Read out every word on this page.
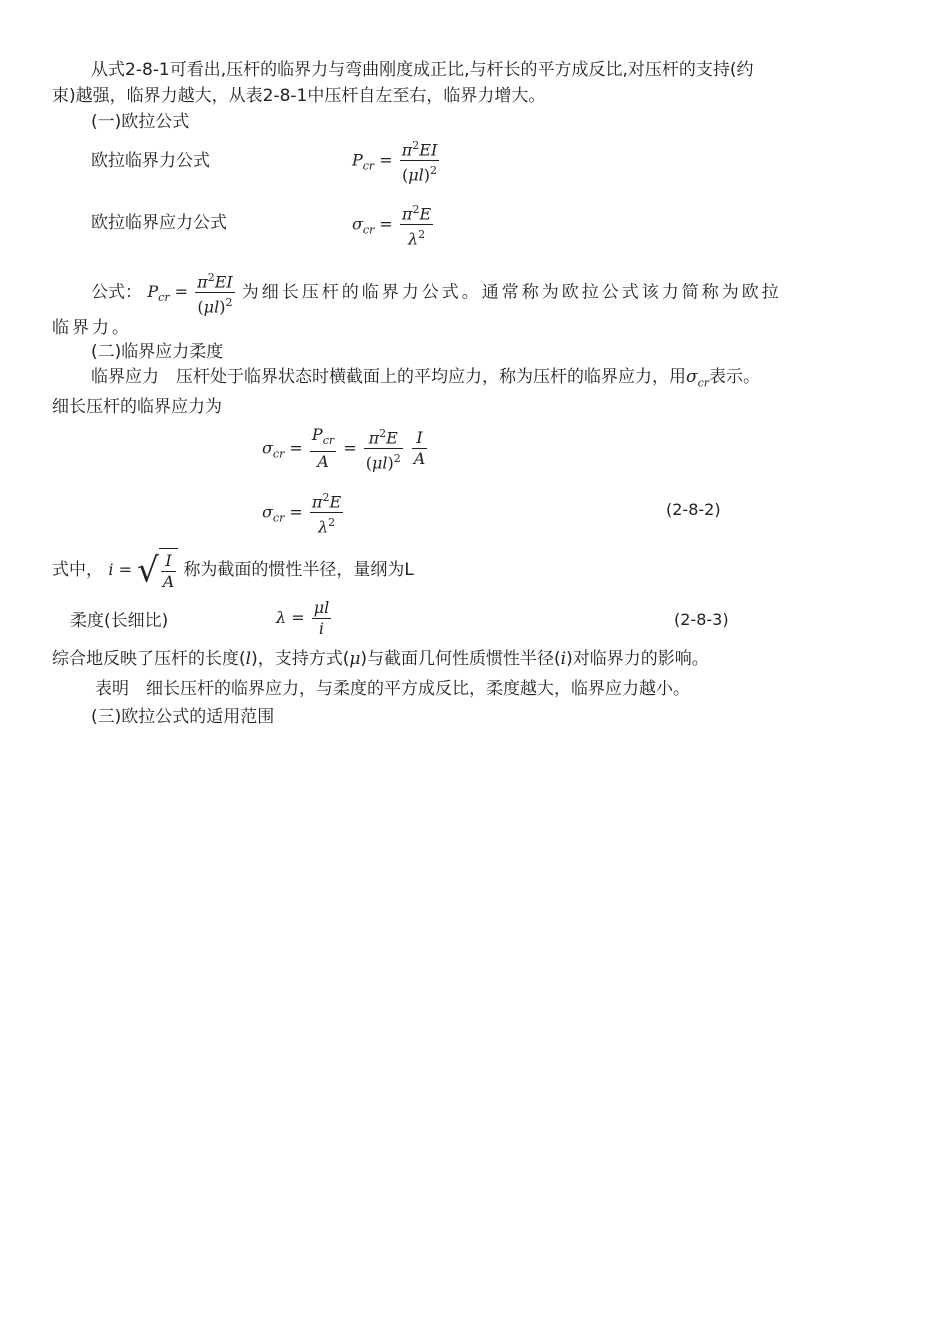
从式2-8-1可看出,压杆的临界力与弯曲刚度成正比,与杆长的平方成反比,对压杆的支持(约
束)越强，临界力越大，从表2-8-1中压杆自左至右，临界力增大。
(一)欧拉公式
欧拉临界力公式	$P_{cr} = \frac{\pi^2EI}{(\mu l)^2}$
欧拉临界应力公式	$\sigma_{cr} = \frac{\pi^2E}{\lambda^2}$
公式： $P_{cr} = \frac{\pi^2EI}{(\mu l)^2}$ 为细长压杆的临界力公式。通常称为欧拉公式该力简称为欧拉
临界力。
(二)临界应力柔度
临界应力　压杆处于临界状态时横截面上的平均应力，称为压杆的临界应力，用$\sigma_{cr}$表示。
细长压杆的临界应力为
$\sigma_{cr} = \frac{P_{cr}}{A} = \frac{\pi^2E}{(\mu l)^2}$
$\frac{I}{A}$
$\sigma_{cr} = \frac{\pi^2E}{\lambda^2}$	(2-8-2)
式中， i = √ $\frac{I}{A}$ 称为截面的惯性半径，量纲为L
柔度(长细比)	$\lambda = \frac{\mu l}{i}$	(2-8-3)
综合地反映了压杆的长度(l)，支持方式(μ)与截面几何性质惯性半径(i)对临界力的影响。
表明　细长压杆的临界应力，与柔度的平方成反比，柔度越大，临界应力越小。
(三)欧拉公式的适用范围
